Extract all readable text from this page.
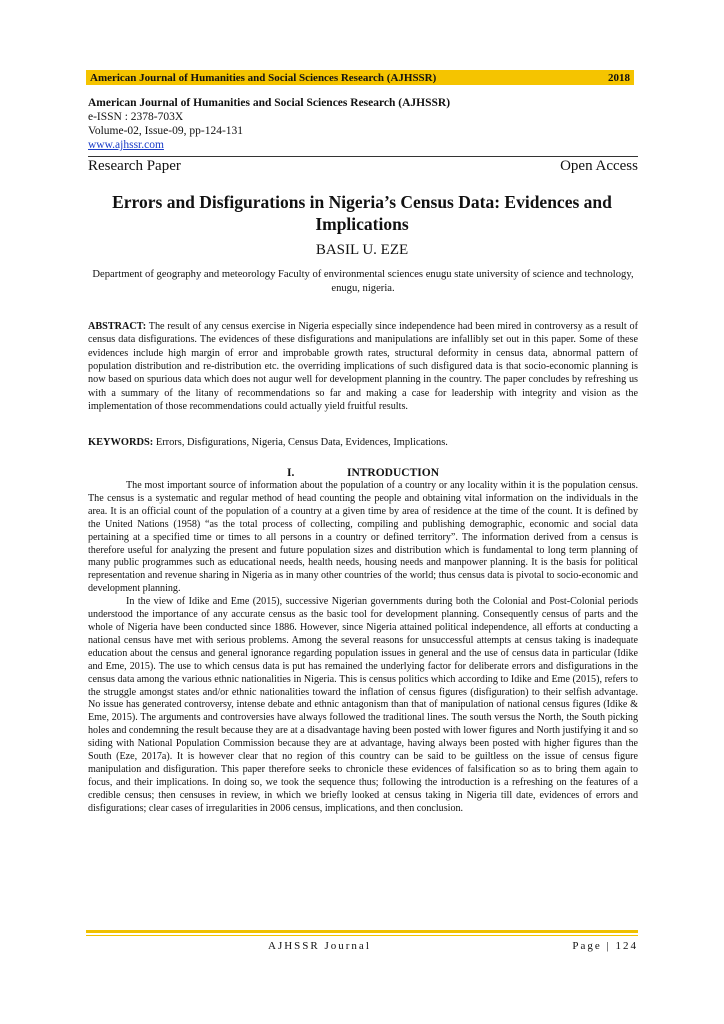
American Journal of Humanities and Social Sciences Research (AJHSSR)	2018
American Journal of Humanities and Social Sciences Research (AJHSSR)
e-ISSN : 2378-703X
Volume-02, Issue-09, pp-124-131
www.ajhssr.com
Research Paper	Open Access
Errors and Disfigurations in Nigeria’s Census Data: Evidences and Implications
BASIL U. EZE
Department of geography and meteorology Faculty of environmental sciences enugu state university of science and technology, enugu, nigeria.
ABSTRACT: The result of any census exercise in Nigeria especially since independence had been mired in controversy as a result of census data disfigurations. The evidences of these disfigurations and manipulations are infallibly set out in this paper. Some of these evidences include high margin of error and improbable growth rates, structural deformity in census data, abnormal pattern of population distribution and re-distribution etc. the overriding implications of such disfigured data is that socio-economic planning is now based on spurious data which does not augur well for development planning in the country. The paper concludes by refreshing us with a summary of the litany of recommendations so far and making a case for leadership with integrity and vision as the implementation of those recommendations could actually yield fruitful results.
KEYWORDS: Errors, Disfigurations, Nigeria, Census Data, Evidences, Implications.
I.	INTRODUCTION

The most important source of information about the population of a country or any locality within it is the population census. The census is a systematic and regular method of head counting the people and obtaining vital information on the individuals in the area. It is an official count of the population of a country at a given time by area of residence at the time of the count. It is defined by the United Nations (1958) “as the total process of collecting, compiling and publishing demographic, economic and social data pertaining at a specified time or times to all persons in a country or defined territory”. The information derived from a census is therefore useful for analyzing the present and future population sizes and distribution which is fundamental to long term planning of many public programmes such as educational needs, health needs, housing needs and manpower planning. It is the basis for political representation and revenue sharing in Nigeria as in many other countries of the world; thus census data is pivotal to socio-economic and development planning.

In the view of Idike and Eme (2015), successive Nigerian governments during both the Colonial and Post-Colonial periods understood the importance of any accurate census as the basic tool for development planning. Consequently census of parts and the whole of Nigeria have been conducted since 1886. However, since Nigeria attained political independence, all efforts at conducting a national census have met with serious problems. Among the several reasons for unsuccessful attempts at census taking is inadequate education about the census and general ignorance regarding population issues in general and the use of census data in particular (Idike and Eme, 2015). The use to which census data is put has remained the underlying factor for deliberate errors and disfigurations in the census data among the various ethnic nationalities in Nigeria. This is census politics which according to Idike and Eme (2015), refers to the struggle amongst states and/or ethnic nationalities toward the inflation of census figures (disfiguration) to their selfish advantage. No issue has generated controversy, intense debate and ethnic antagonism than that of manipulation of national census figures (Idike & Eme, 2015). The arguments and controversies have always followed the traditional lines. The south versus the North, the South picking holes and condemning the result because they are at a disadvantage having been posted with lower figures and North justifying it and so siding with National Population Commission because they are at advantage, having always been posted with higher figures than the South (Eze, 2017a). It is however clear that no region of this country can be said to be guiltless on the issue of census figure manipulation and disfiguration. This paper therefore seeks to chronicle these evidences of falsification so as to bring them again to focus, and their implications. In doing so, we took the sequence thus; following the introduction is a refreshing on the features of a credible census; then censuses in review, in which we briefly looked at census taking in Nigeria till date, evidences of errors and disfigurations; clear cases of irregularities in 2006 census, implications, and then conclusion.

AJHSSR Journal	Page | 124
